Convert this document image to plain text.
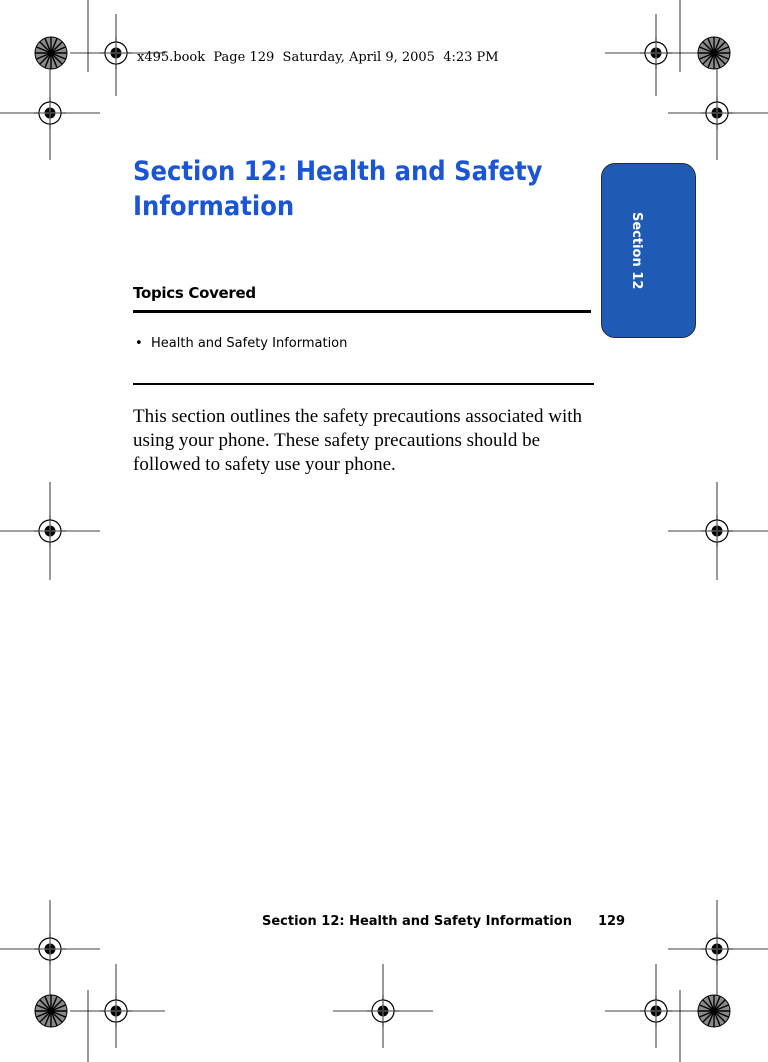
x495.book  Page 129  Saturday, April 9, 2005  4:23 PM
Section 12
Section 12: Health and Safety Information
Topics Covered
• Health and Safety Information

This section outlines the safety precautions associated with using your phone. These safety precautions should be followed to safety use your phone.

Section 12: Health and Safety Information 129
